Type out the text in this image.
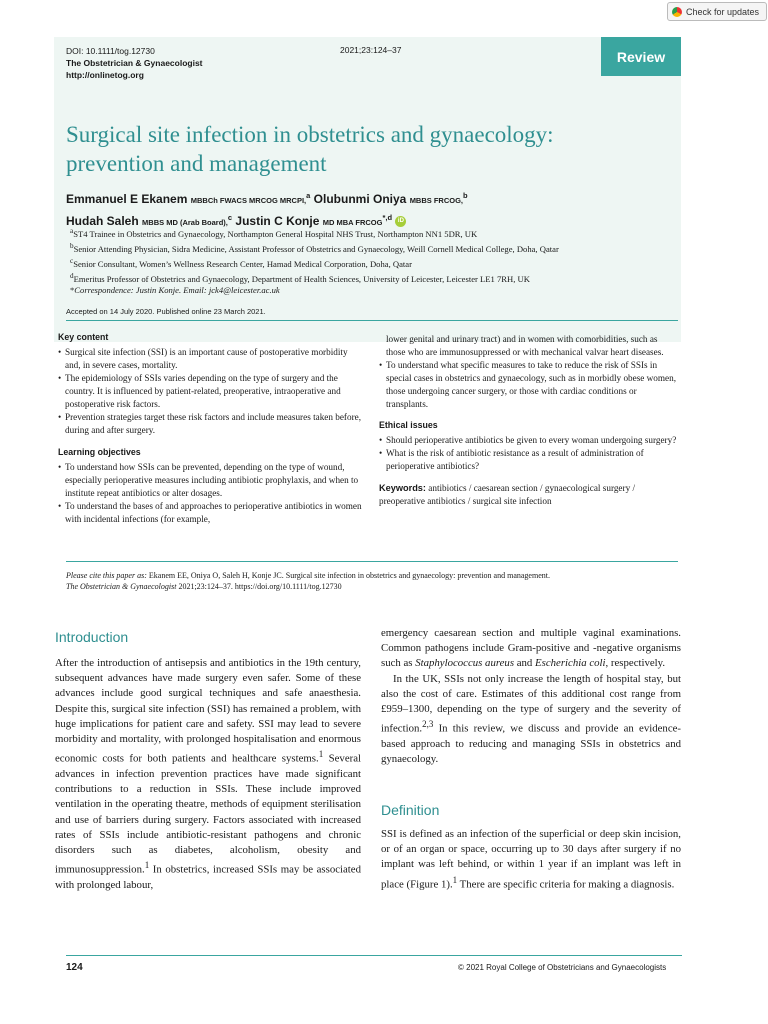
Check for updates
DOI: 10.1111/tog.12730
The Obstetrician & Gynaecologist
http://onlinetog.org
2021;23:124–37	Review
Surgical site infection in obstetrics and gynaecology:
prevention and management
Emmanuel E Ekanem MBBCh FWACS MRCOG MRCPI,$^a$ Olubunmi Oniya MBBS FRCOG,$^b$
Hudah Saleh MBBS MD (Arab Board),$^c$ Justin C Konje MD MBA $FRCOG^{*,d}$ iD
$^a$ST4 Trainee in Obstetrics and Gynaecology, Northampton General Hospital NHS Trust, Northampton NN1 5DR, UK
$^b$Senior Attending Physician, Sidra Medicine, Assistant Professor of Obstetrics and Gynaecology, Weill Cornell Medical College, Doha, Qatar
$^c$Senior Consultant, Women’s Wellness Research Center, Hamad Medical Corporation, Doha, Qatar
$^d$Emeritus Professor of Obstetrics and Gynaecology, Department of Health Sciences, University of Leicester, Leicester LE1 7RH, UK
*Correspondence: Justin Konje. Email: jck4@leicester.ac.uk
Accepted on 14 July 2020. Published online 23 March 2021.
Key content
• Surgical site infection (SSI) is an important cause of postoperative morbidity and, in severe cases, mortality.
• The epidemiology of SSIs varies depending on the type of surgery and the country. It is influenced by patient-related, preoperative, intraoperative and postoperative risk factors.
• Prevention strategies target these risk factors and include measures taken before, during and after surgery.
Learning objectives
• To understand how SSIs can be prevented, depending on the type of wound, especially perioperative measures including antibiotic prophylaxis, and when to institute repeat antibiotics or alter dosages.
• To understand the bases of and approaches to perioperative antibiotics in women with incidental infections (for example,
lower genital and urinary tract) and in women with comorbidities, such as those who are immunosuppressed or with mechanical valvar heart diseases.
• To understand what specific measures to take to reduce the risk of SSIs in special cases in obstetrics and gynaecology, such as in morbidly obese women, those undergoing cancer surgery, or those with cardiac conditions or transplants.
Ethical issues
• Should perioperative antibiotics be given to every woman undergoing surgery?
• What is the risk of antibiotic resistance as a result of administration of perioperative antibiotics?
Keywords: antibiotics / caesarean section / gynaecological surgery / preoperative antibiotics / surgical site infection
Please cite this paper as: Ekanem EE, Oniya O, Saleh H, Konje JC. Surgical site infection in obstetrics and gynaecology: prevention and management.
The Obstetrician & Gynaecologist 2021;23:124–37. https://doi.org/10.1111/tog.12730
Introduction

After the introduction of antisepsis and antibiotics in the 19th century, subsequent advances have made surgery even safer. Some of these advances include good surgical techniques and safe anaesthesia. Despite this, surgical site infection (SSI) has remained a problem, with huge implications for patient care and safety. SSI may lead to severe morbidity and mortality, with prolonged hospitalisation and enormous economic costs for both patients and healthcare systems.$^1$ Several advances in infection prevention practices have made significant contributions to a reduction in SSIs. These include improved ventilation in the operating theatre, methods of equipment sterilisation and use of barriers during surgery. Factors associated with increased rates of SSIs include antibiotic-resistant pathogens and chronic disorders such as diabetes, alcoholism, obesity and immunosuppression.$^1$ In obstetrics, increased SSIs may be associated with prolonged labour,

emergency caesarean section and multiple vaginal examinations. Common pathogens include Gram-positive and -negative organisms such as Staphylococcus aureus and Escherichia coli, respectively.

In the UK, SSIs not only increase the length of hospital stay, but also the cost of care. Estimates of this additional cost range from £959–1300, depending on the type of surgery and the severity of infection.$^{2,3}$ In this review, we discuss and provide an evidence-based approach to reducing and managing SSIs in obstetrics and gynaecology.

Definition

SSI is defined as an infection of the superficial or deep skin incision, or of an organ or space, occurring up to 30 days after surgery if no implant was left behind, or within 1 year if an implant was left in place (Figure 1).$^1$ There are specific criteria for making a diagnosis.

124	© 2021 Royal College of Obstetricians and Gynaecologists
